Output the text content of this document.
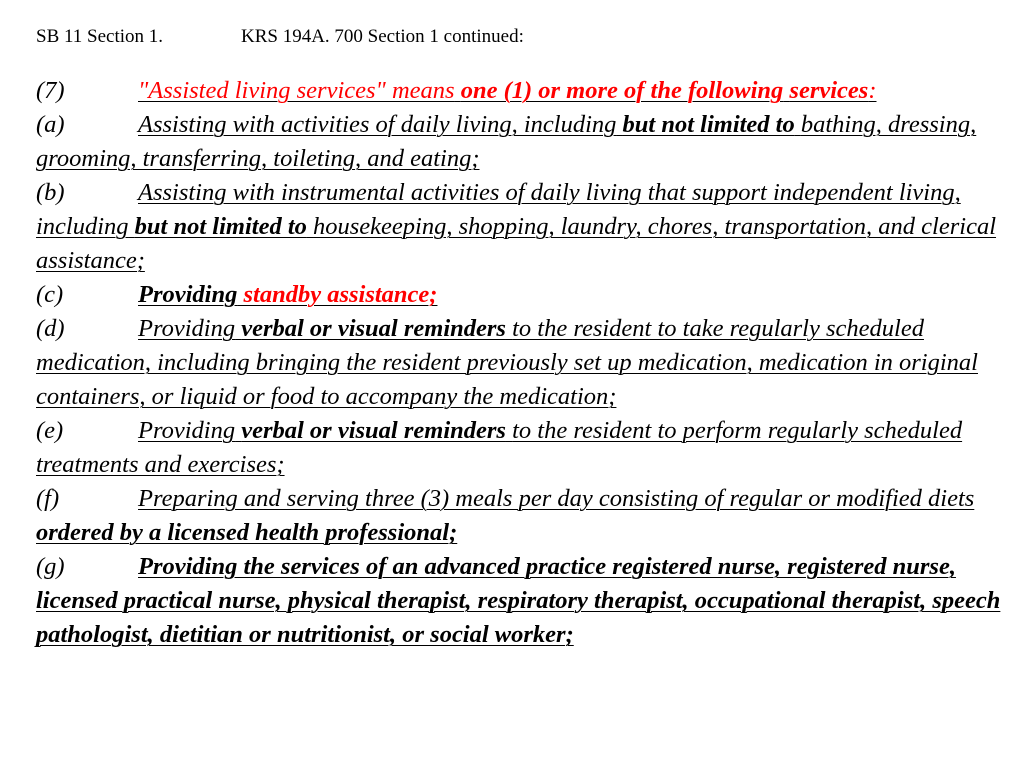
SB 11 Section 1.	KRS 194A. 700 Section 1 continued:

(7)	"Assisted living services" means one (1) or more of the following services:

(a)	Assisting with activities of daily living, including but not limited to bathing, dressing, grooming, transferring, toileting, and eating;

(b)	Assisting with instrumental activities of daily living that support independent living, including but not limited to housekeeping, shopping, laundry, chores, transportation, and clerical assistance;

(c)	Providing standby assistance;

(d)	Providing verbal or visual reminders to the resident to take regularly scheduled medication, including bringing the resident previously set up medication, medication in original containers, or liquid or food to accompany the medication;

(e)	Providing verbal or visual reminders to the resident to perform regularly scheduled treatments and exercises;

(f)	Preparing and serving three (3) meals per day consisting of regular or modified diets ordered by a licensed health professional;

(g)	Providing the services of an advanced practice registered nurse, registered nurse, licensed practical nurse, physical therapist, respiratory therapist, occupational therapist, speech pathologist, dietitian or nutritionist, or social worker;
